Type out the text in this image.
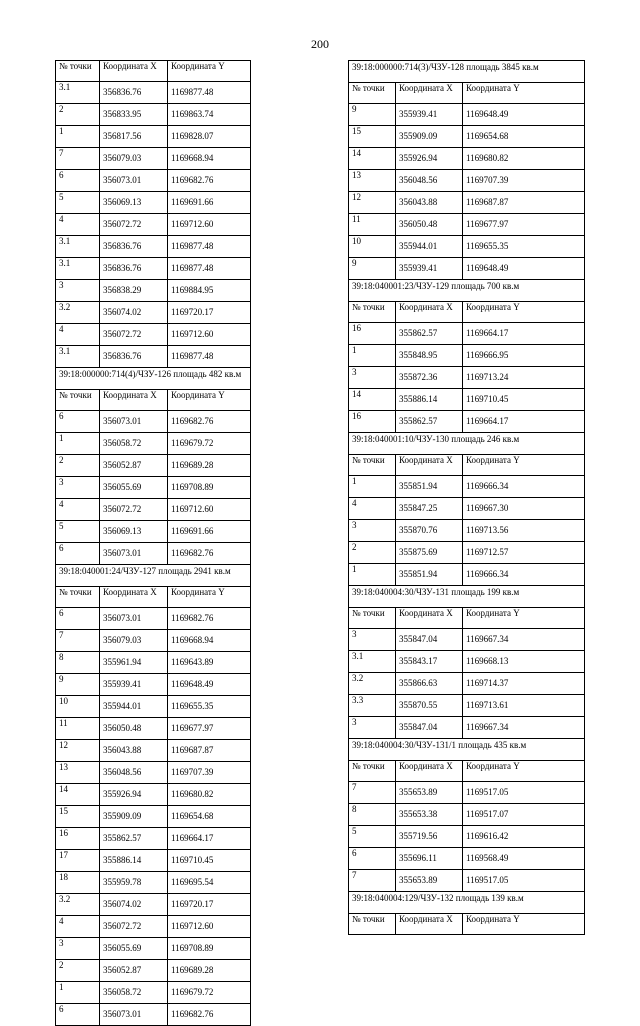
200
№ точки	Координата X	Координата Y
3.1	356836.76	1169877.48
2	356833.95	1169863.74
1	356817.56	1169828.07
7	356079.03	1169668.94
6	356073.01	1169682.76
5	356069.13	1169691.66
4	356072.72	1169712.60
3.1	356836.76	1169877.48
3.1	356836.76	1169877.48
3	356838.29	1169884.95
3.2	356074.02	1169720.17
4	356072.72	1169712.60
3.1	356836.76	1169877.48
39:18:000000:714(4)/ЧЗУ-126 площадь 482 кв.м		
№ точки	Координата X	Координата Y
6	356073.01	1169682.76
1	356058.72	1169679.72
2	356052.87	1169689.28
3	356055.69	1169708.89
4	356072.72	1169712.60
5	356069.13	1169691.66
6	356073.01	1169682.76
39:18:040001:24/ЧЗУ-127 площадь 2941 кв.м		
№ точки	Координата X	Координата Y
6	356073.01	1169682.76
7	356079.03	1169668.94
8	355961.94	1169643.89
9	355939.41	1169648.49
10	355944.01	1169655.35
11	356050.48	1169677.97
12	356043.88	1169687.87
13	356048.56	1169707.39
14	355926.94	1169680.82
15	355909.09	1169654.68
16	355862.57	1169664.17
17	355886.14	1169710.45
18	355959.78	1169695.54
3.2	356074.02	1169720.17
4	356072.72	1169712.60
3	356055.69	1169708.89
2	356052.87	1169689.28
1	356058.72	1169679.72
6	356073.01	1169682.76
39:18:000000:714(3)/ЧЗУ-128 площадь 3845 кв.м		
№ точки	Координата X	Координата Y
9	355939.41	1169648.49
15	355909.09	1169654.68
14	355926.94	1169680.82
13	356048.56	1169707.39
12	356043.88	1169687.87
11	356050.48	1169677.97
10	355944.01	1169655.35
9	355939.41	1169648.49
39:18:040001:23/ЧЗУ-129 площадь 700 кв.м		
№ точки	Координата X	Координата Y
16	355862.57	1169664.17
1	355848.95	1169666.95
3	355872.36	1169713.24
14	355886.14	1169710.45
16	355862.57	1169664.17
39:18:040001:10/ЧЗУ-130 площадь 246 кв.м		
№ точки	Координата X	Координата Y
1	355851.94	1169666.34
4	355847.25	1169667.30
3	355870.76	1169713.56
2	355875.69	1169712.57
1	355851.94	1169666.34
39:18:040004:30/ЧЗУ-131 площадь 199 кв.м		
№ точки	Координата X	Координата Y
3	355847.04	1169667.34
3.1	355843.17	1169668.13
3.2	355866.63	1169714.37
3.3	355870.55	1169713.61
3	355847.04	1169667.34
39:18:040004:30/ЧЗУ-131/1 площадь 435 кв.м		
№ точки	Координата X	Координата Y
7	355653.89	1169517.05
8	355653.38	1169517.07
5	355719.56	1169616.42
6	355696.11	1169568.49
7	355653.89	1169517.05
39:18:040004:129/ЧЗУ-132 площадь 139 кв.м		
№ точки	Координата X	Координата Y
